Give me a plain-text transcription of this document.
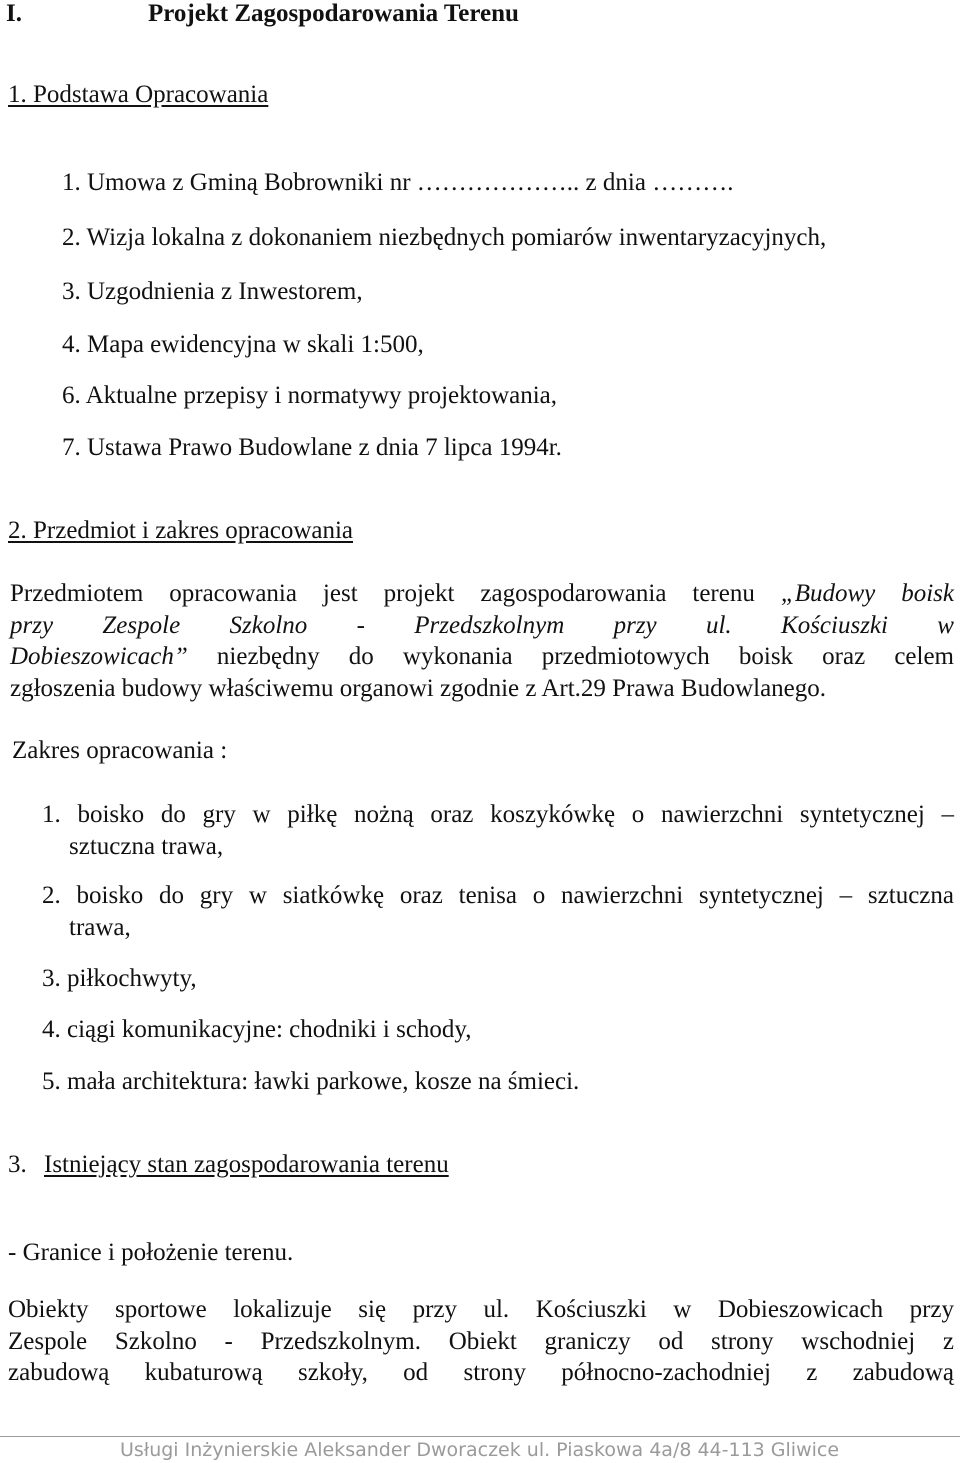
I.	Projekt Zagospodarowania Terenu
1. Podstawa Opracowania
1. Umowa z Gminą Bobrowniki nr ……………….. z dnia ……….
2. Wizja lokalna z dokonaniem niezbędnych pomiarów inwentaryzacyjnych,
3. Uzgodnienia z Inwestorem,
4. Mapa ewidencyjna w skali 1:500,
6. Aktualne przepisy i normatywy projektowania,
7. Ustawa Prawo Budowlane z dnia 7 lipca 1994r.
2. Przedmiot i zakres opracowania
Przedmiotem opracowania jest projekt zagospodarowania terenu „Budowy boisk
przy Zespole Szkolno - Przedszkolnym przy ul. Kościuszki w
Dobieszowicach” niezbędny do wykonania przedmiotowych boisk oraz celem
zgłoszenia budowy właściwemu organowi zgodnie z Art.29 Prawa Budowlanego.
Zakres opracowania :
1. boisko do gry w piłkę nożną oraz koszykówkę o nawierzchni syntetycznej –
sztuczna trawa,
2. boisko do gry w siatkówkę oraz tenisa o nawierzchni syntetycznej – sztuczna
trawa,
3. piłkochwyty,
4. ciągi komunikacyjne: chodniki i schody,
5. mała architektura: ławki parkowe, kosze na śmieci.
3. Istniejący stan zagospodarowania terenu
- Granice i położenie terenu.
Obiekty sportowe lokalizuje się przy ul. Kościuszki w Dobieszowicach przy
Zespole Szkolno - Przedszkolnym. Obiekt graniczy od strony wschodniej z
zabudową kubaturową szkoły, od strony północno-zachodniej z zabudową
Usługi Inżynierskie Aleksander Dworaczek ul. Piaskowa 4a/8 44-113 Gliwice
